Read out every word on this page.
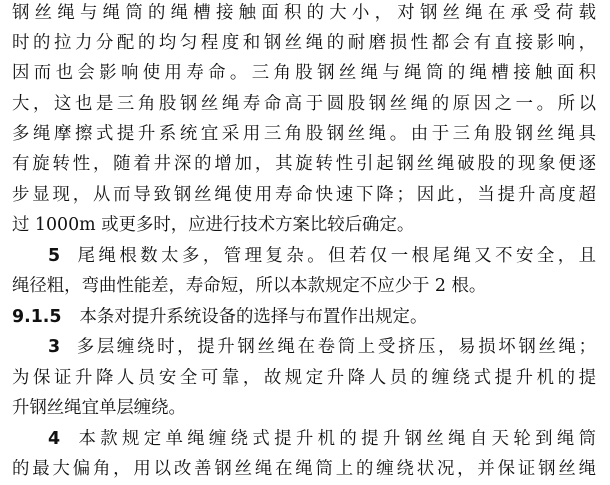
钢丝绳与绳筒的绳槽接触面积的大小，对钢丝绳在承受荷载
时的拉力分配的均匀程度和钢丝绳的耐磨损性都会有直接影响，
因而也会影响使用寿命。三角股钢丝绳与绳筒的绳槽接触面积
大，这也是三角股钢丝绳寿命高于圆股钢丝绳的原因之一。所以
多绳摩擦式提升系统宜采用三角股钢丝绳。由于三角股钢丝绳具
有旋转性，随着井深的增加，其旋转性引起钢丝绳破股的现象便逐
步显现，从而导致钢丝绳使用寿命快速下降；因此，当提升高度超
过 1000m 或更多时，应进行技术方案比较后确定。
5 尾绳根数太多，管理复杂。但若仅一根尾绳又不安全，且
绳径粗，弯曲性能差，寿命短，所以本款规定不应少于 2 根。
9.1.5 本条对提升系统设备的选择与布置作出规定。
3 多层缠绕时，提升钢丝绳在卷筒上受挤压，易损坏钢丝绳；
为保证升降人员安全可靠，故规定升降人员的缠绕式提升机的提
升钢丝绳宜单层缠绕。
4 本款规定单绳缠绕式提升机的提升钢丝绳自天轮到绳筒
的最大偏角，用以改善钢丝绳在绳筒上的缠绕状况，并保证钢丝绳
